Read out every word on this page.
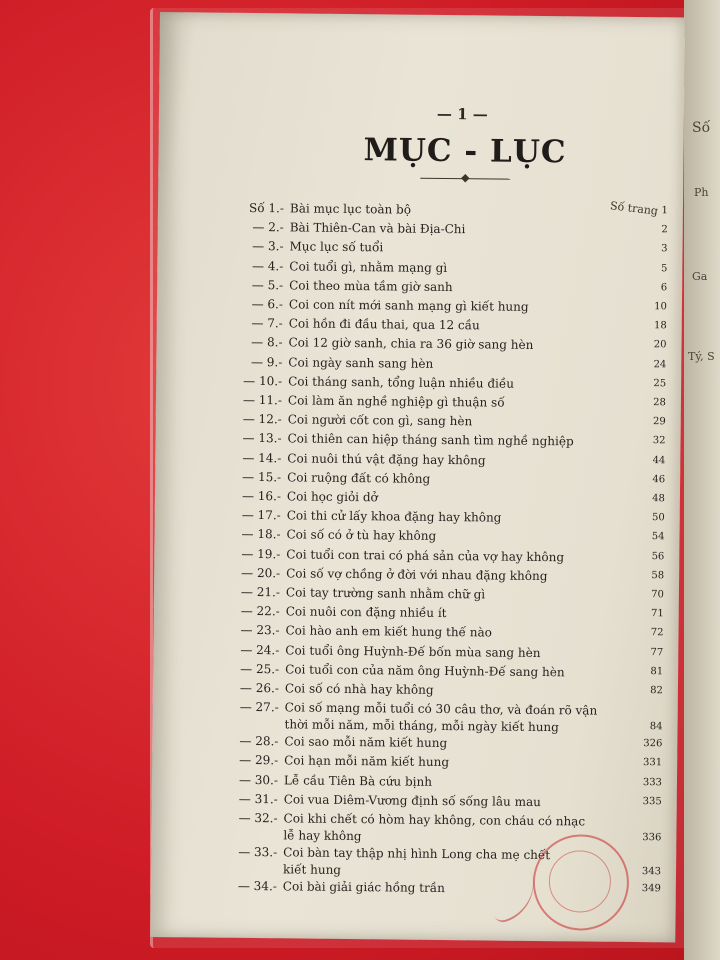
Số
Ph
Ga
Tý, S
— 1 —
MỤC - LỤC
Số trang
Số 1.- Bài mục lục toàn bộ	1
— 2.- Bài Thiên-Can và bài Địa-Chi	2
— 3.- Mục lục số tuổi	3
— 4.- Coi tuổi gì, nhằm mạng gì	5
— 5.- Coi theo mùa tầm giờ sanh	6
— 6.- Coi con nít mới sanh mạng gì kiết hung	10
— 7.- Coi hồn đi đầu thai, qua 12 cầu	18
— 8.- Coi 12 giờ sanh, chia ra 36 giờ sang hèn	20
— 9.- Coi ngày sanh sang hèn	24
— 10.- Coi tháng sanh, tổng luận nhiều điều	25
— 11.- Coi làm ăn nghề nghiệp gì thuận số	28
— 12.- Coi người cốt con gì, sang hèn	29
— 13.- Coi thiên can hiệp tháng sanh tìm nghề nghiệp	32
— 14.- Coi nuôi thú vật đặng hay không	44
— 15.- Coi ruộng đất có không	46
— 16.- Coi học giỏi dở	48
— 17.- Coi thi cử lấy khoa đặng hay không	50
— 18.- Coi số có ở tù hay không	54
— 19.- Coi tuổi con trai có phá sản của vợ hay không	56
— 20.- Coi số vợ chồng ở đời với nhau đặng không	58
— 21.- Coi tay trường sanh nhằm chữ gì	70
— 22.- Coi nuôi con đặng nhiều ít	71
— 23.- Coi hào anh em kiết hung thế nào	72
— 24.- Coi tuổi ông Huỳnh-Đế bốn mùa sang hèn	77
— 25.- Coi tuổi con của năm ông Huỳnh-Đế sang hèn	81
— 26.- Coi số có nhà hay không	82
— 27.- Coi số mạng mỗi tuổi có 30 câu thơ, và đoán rõ vận
thời mỗi năm, mỗi tháng, mỗi ngày kiết hung	84
— 28.- Coi sao mỗi năm kiết hung	326
— 29.- Coi hạn mỗi năm kiết hung	331
— 30.- Lễ cầu Tiên Bà cứu bịnh	333
— 31.- Coi vua Diêm-Vương định số sống lâu mau	335
— 32.- Coi khi chết có hòm hay không, con cháu có nhạc
lễ hay không	336
— 33.- Coi bàn tay thập nhị hình Long cha mẹ chết
kiết hung	343
— 34.- Coi bài giải giác hồng trần	349
